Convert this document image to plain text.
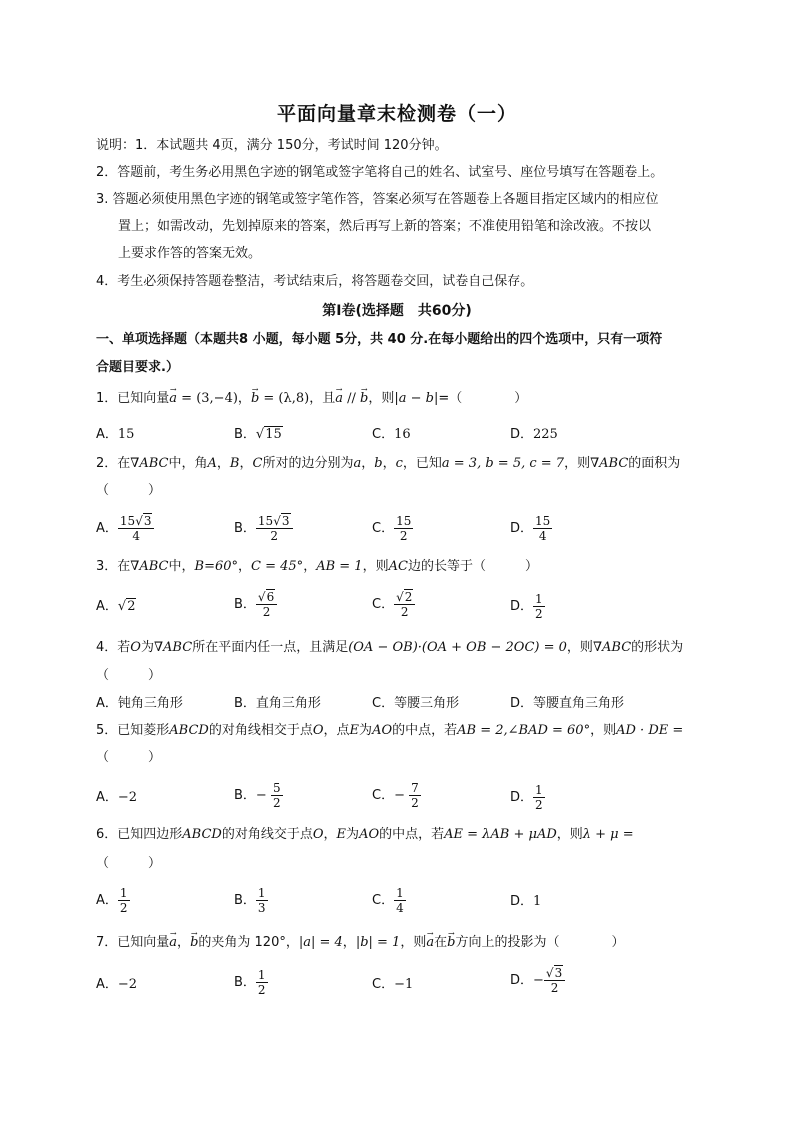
平面向量章末检测卷（一）
说明：1．本试题共 4页，满分 150分，考试时间 120分钟。
2．答题前，考生务必用黑色字迹的钢笔或签字笔将自己的姓名、试室号、座位号填写在答题卷上。
3. 答题必须使用黑色字迹的钢笔或签字笔作答，答案必须写在答题卷上各题目指定区域内的相应位
置上；如需改动，先划掉原来的答案，然后再写上新的答案；不准使用铅笔和涂改液。不按以
上要求作答的答案无效。
4．考生必须保持答题卷整洁，考试结束后，将答题卷交回，试卷自己保存。
第Ⅰ卷(选择题　共60分)
一、单项选择题（本题共8 小题，每小题 5分，共 40 分.在每小题给出的四个选项中，只有一项符
合题目要求.）
1．已知向量→ a = (3,−4)，→ b = (λ,8)，且→ a // → b，则|a − b|=（　　　　）
A．15	B．√15	C．16	D．225
2．在∇ABC中，角A，B，C所对的边分别为a，b，c，已知a = 3, b = 5, c = 7，则∇ABC的面积为
（　　　）
A． $\frac{15√3}{4}$	B． $\frac{15√3}{2}$	C． $\frac{15}{2}$	D． $\frac{15}{4}$
3．在∇ABC中，B=60°，C = 45°，AB = 1，则AC边的长等于（　　　）
A．√2	B． $\frac{√6}{2}$	C． $\frac{√2}{2}$	D． $\frac{1}{2}$
4．若O为∇ABC所在平面内任一点，且满足(OA − OB)·(OA + OB − 2OC) = 0，则∇ABC的形状为
（　　　）
A．钝角三角形	B．直角三角形	C．等腰三角形	D．等腰直角三角形
5．已知菱形ABCD的对角线相交于点O，点E为AO的中点，若AB = 2,∠BAD = 60°，则AD · DE =
（　　　）
A．−2	B．− $\frac{5}{2}$	C．− $\frac{7}{2}$	D． $\frac{1}{2}$
6．已知四边形ABCD的对角线交于点O，E为AO的中点，若AE = λAB + μAD，则λ + μ =
（　　　）
A． $\frac{1}{2}$	B． $\frac{1}{3}$	C． $\frac{1}{4}$	D．1
7．已知向量→ a，→ b的夹角为 120°，|a| = 4，|b| = 1，则→ a在→ b方向上的投影为（　　　　）
A．−2	B． $\frac{1}{2}$	C．−1	D．− $\frac{√3}{2}$
